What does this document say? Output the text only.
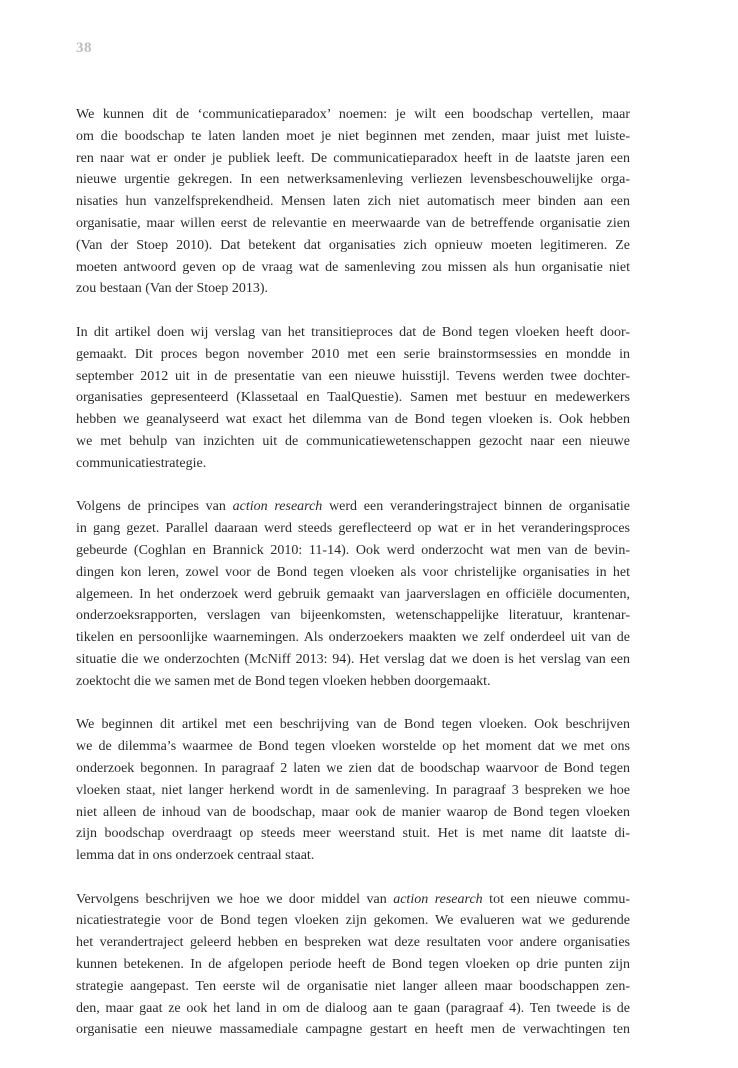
38

We kunnen dit de ‘communicatieparadox’ noemen: je wilt een boodschap vertellen, maar
om die boodschap te laten landen moet je niet beginnen met zenden, maar juist met luiste-
ren naar wat er onder je publiek leeft. De communicatieparadox heeft in de laatste jaren een
nieuwe urgentie gekregen. In een netwerksamenleving verliezen levensbeschouwelijke orga-
nisaties hun vanzelfsprekendheid. Mensen laten zich niet automatisch meer binden aan een
organisatie, maar willen eerst de relevantie en meerwaarde van de betreffende organisatie zien
(Van der Stoep 2010). Dat betekent dat organisaties zich opnieuw moeten legitimeren. Ze
moeten antwoord geven op de vraag wat de samenleving zou missen als hun organisatie niet
zou bestaan (Van der Stoep 2013).

In dit artikel doen wij verslag van het transitieproces dat de Bond tegen vloeken heeft door-
gemaakt. Dit proces begon november 2010 met een serie brainstormsessies en mondde in
september 2012 uit in de presentatie van een nieuwe huisstijl. Tevens werden twee dochter-
organisaties gepresenteerd (Klassetaal en TaalQuestie). Samen met bestuur en medewerkers
hebben we geanalyseerd wat exact het dilemma van de Bond tegen vloeken is. Ook hebben
we met behulp van inzichten uit de communicatiewetenschappen gezocht naar een nieuwe
communicatiestrategie.

Volgens de principes van action research werd een veranderingstraject binnen de organisatie
in gang gezet. Parallel daaraan werd steeds gereflecteerd op wat er in het veranderingsproces
gebeurde (Coghlan en Brannick 2010: 11-14). Ook werd onderzocht wat men van de bevin-
dingen kon leren, zowel voor de Bond tegen vloeken als voor christelijke organisaties in het
algemeen. In het onderzoek werd gebruik gemaakt van jaarverslagen en officiële documenten,
onderzoeksrapporten, verslagen van bijeenkomsten, wetenschappelijke literatuur, krantenar-
tikelen en persoonlijke waarnemingen. Als onderzoekers maakten we zelf onderdeel uit van de
situatie die we onderzochten (McNiff 2013: 94). Het verslag dat we doen is het verslag van een
zoektocht die we samen met de Bond tegen vloeken hebben doorgemaakt.

We beginnen dit artikel met een beschrijving van de Bond tegen vloeken. Ook beschrijven
we de dilemma’s waarmee de Bond tegen vloeken worstelde op het moment dat we met ons
onderzoek begonnen. In paragraaf 2 laten we zien dat de boodschap waarvoor de Bond tegen
vloeken staat, niet langer herkend wordt in de samenleving. In paragraaf 3 bespreken we hoe
niet alleen de inhoud van de boodschap, maar ook de manier waarop de Bond tegen vloeken
zijn boodschap overdraagt op steeds meer weerstand stuit. Het is met name dit laatste di-
lemma dat in ons onderzoek centraal staat.

Vervolgens beschrijven we hoe we door middel van action research tot een nieuwe commu-
nicatiestrategie voor de Bond tegen vloeken zijn gekomen. We evalueren wat we gedurende
het verandertraject geleerd hebben en bespreken wat deze resultaten voor andere organisaties
kunnen betekenen. In de afgelopen periode heeft de Bond tegen vloeken op drie punten zijn
strategie aangepast. Ten eerste wil de organisatie niet langer alleen maar boodschappen zen-
den, maar gaat ze ook het land in om de dialoog aan te gaan (paragraaf 4). Ten tweede is de
organisatie een nieuwe massamediale campagne gestart en heeft men de verwachtingen ten
